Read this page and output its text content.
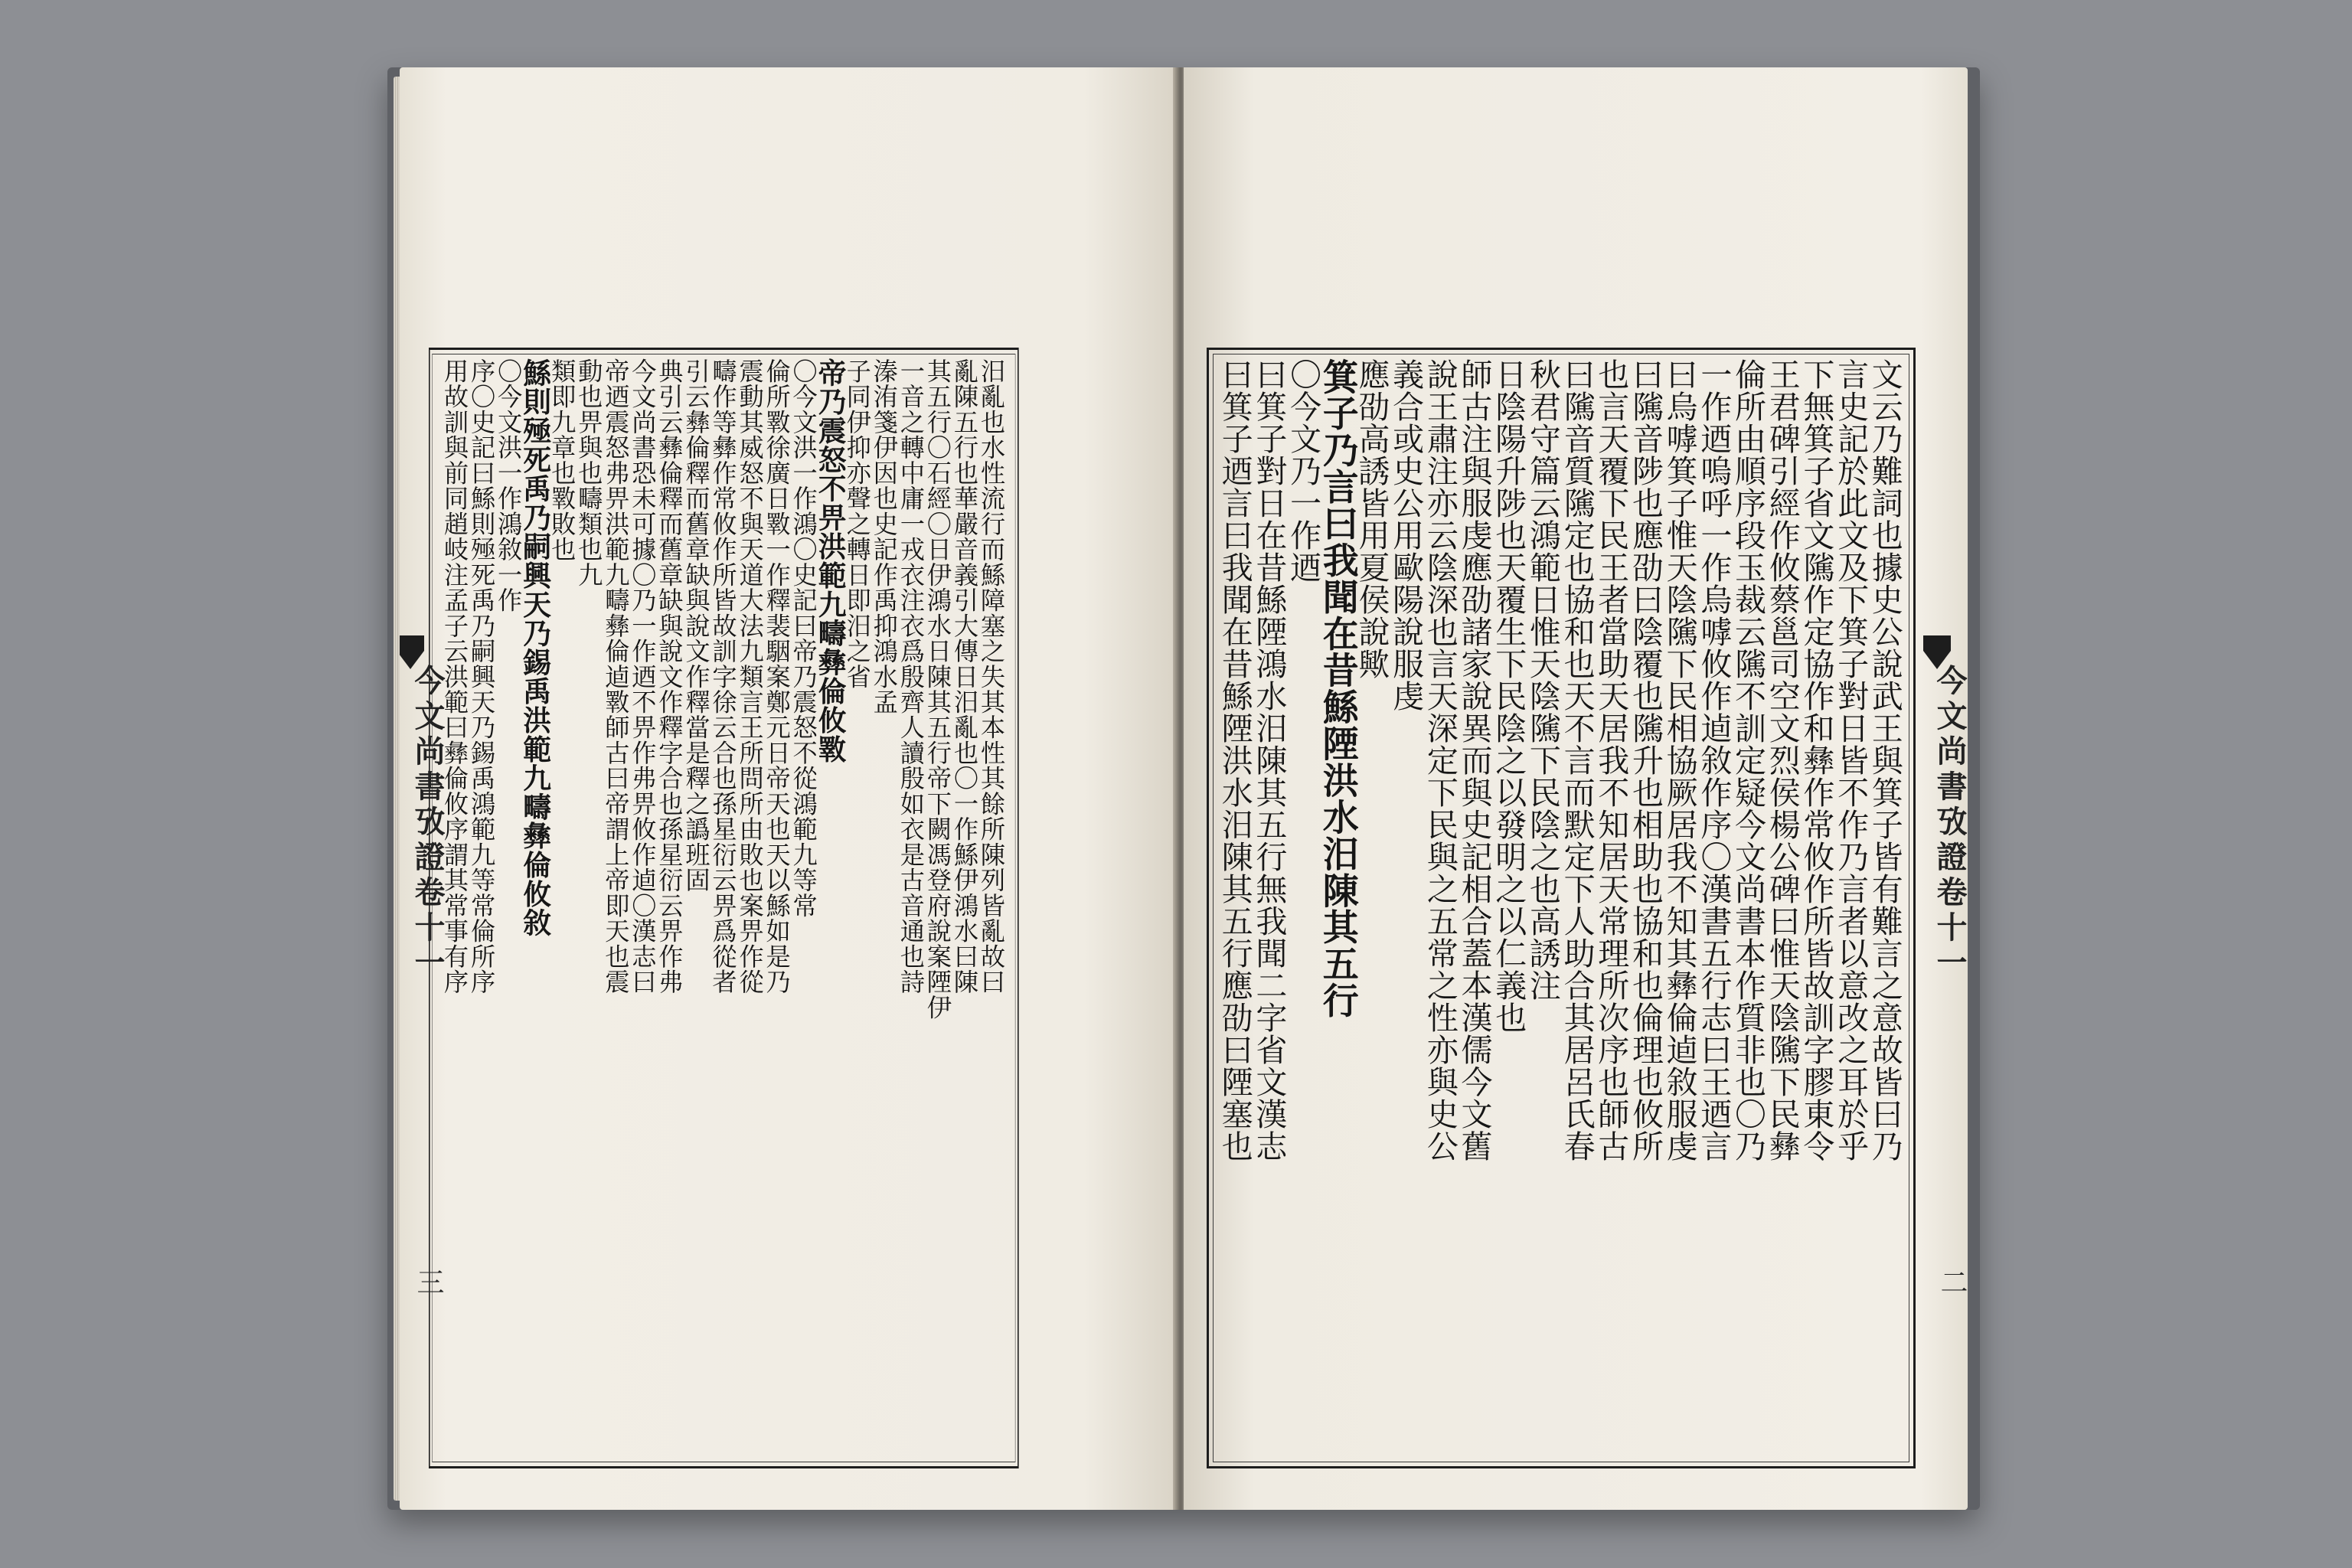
汨亂也水性流行而鯀障塞之失其本性其餘所陳列皆亂故曰
亂陳五行也華嚴音義引大傳日汨亂也〇一作鯀伊鴻水曰陳
其五行〇石經〇日伊鴻水日陳其五行帝下闕馮登府說案陻伊
一音之轉中庸一戎衣注衣爲殷齊人讀殷如衣是古音通也詩
溱洧箋伊因也史記作禹抑鴻水孟
子同伊抑亦聲之轉日即汨之省
帝乃震怒不畀洪範九疇彝倫攸斁
〇今文洪一作鴻〇史記曰帝乃震怒不從鴻範九等常
倫所斁徐廣日斁一作釋裴駰案鄭元日帝天也天以鯀如是乃
震動其威怒不與天道大法九類言王所問所由敗也案畀作從
疇作等彝作常攸作所皆故訓字徐云合也孫星衍云畀爲從者
引云彝倫釋而舊章缺與說文作釋當是釋之譌班固
典引云彝倫釋而舊章缺與說文作釋字合也孫星衍云畀作弗
今文尚書恐未可據〇乃一作迺不畀作弗畀攸作逌〇漢志曰
帝迺震怒弗畀洪範九疇彝倫逌斁師古曰帝謂上帝即天也震
動也畀與也疇類也九
類即九章也斁敗也
鯀則殛死禹乃嗣興天乃錫禹洪範九疇彝倫攸敘
〇今文洪一作鴻敘一作
序〇史記曰鯀則殛死禹乃嗣興天乃錫禹鴻範九等常倫所序
用故訓與前同趙岐注孟子云洪範曰彝倫攸序謂其常事有序
今文尚書攷證卷十一
三
文云乃難詞也據史公說武王與箕子皆有難言之意故皆曰乃
言史記於此文及下箕子對日皆不作乃言者以意改之耳於乎
下無箕子省文隲作定協作和彝作常攸作所皆故訓字膠東令
王君碑引經作攸蔡邕司空文烈侯楊公碑曰惟天陰隲下民彝
倫所由順序段玉裁云隲不訓定疑今文尚書本作質非也〇乃
一作迺嗚呼一作烏嘑攸作逌敘作序〇漢書五行志曰王迺言
曰烏嘑箕子惟天陰隲下民相協厥居我不知其彝倫逌敘服虔
曰隲音陟也應劭曰陰覆也隲升也相助也協和也倫理也攸所
也言天覆下民王者當助天居我不知居天常理所次序也師古
曰隲音質隲定也協和也天不言而默定下人助合其居呂氏春
秋君守篇云鴻範日惟天陰隲下民陰之也高誘注
日陰陽升陟也天覆生下民陰之以發明之以仁義也
師古注與服虔應劭諸家說異而與史記相合蓋本漢儒今文舊
說王肅注亦云陰深也言天深定下民與之五常之性亦與史公
義合或史公用歐陽說服虔
應劭高誘皆用夏侯說歟
箕子乃言曰我聞在昔鯀陻洪水汨陳其五行
〇今文乃一作迺
曰箕子對日在昔鯀陻鴻水汨陳其五行無我聞二字省文漢志
曰箕子迺言曰我聞在昔鯀陻洪水汨陳其五行應劭曰陻塞也	今文尚書攷證卷十一
二
